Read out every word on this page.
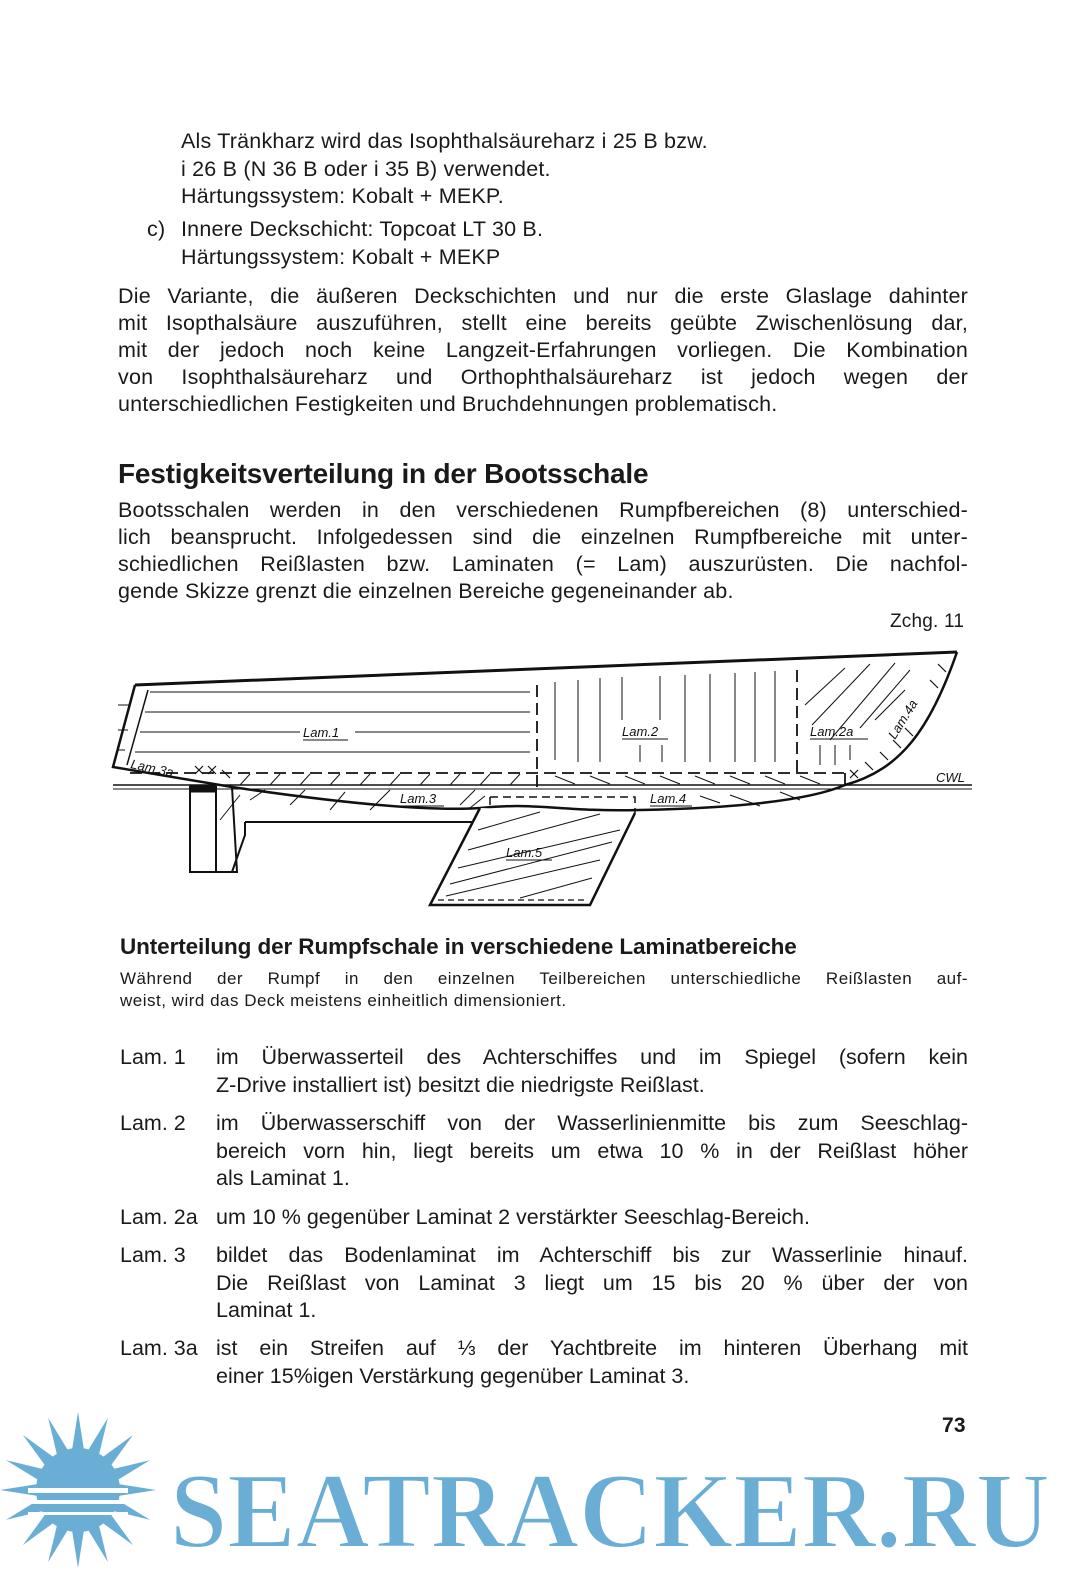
Als Tränkharz wird das Isophthalsäureharz i 25 B bzw.
i 26 B (N 36 B oder i 35 B) verwendet.
Härtungssystem: Kobalt + MEKP.
c) Innere Deckschicht: Topcoat LT 30 B.
Härtungssystem: Kobalt + MEKP
Die Variante, die äußeren Deckschichten und nur die erste Glaslage dahinter
mit Isopthalsäure auszuführen, stellt eine bereits geübte Zwischenlösung dar,
mit der jedoch noch keine Langzeit-Erfahrungen vorliegen. Die Kombination
von Isophthalsäureharz und Orthophthalsäureharz ist jedoch wegen der
unterschiedlichen Festigkeiten und Bruchdehnungen problematisch.
Festigkeitsverteilung in der Bootsschale
Bootsschalen werden in den verschiedenen Rumpfbereichen (8) unterschied-
lich beansprucht. Infolgedessen sind die einzelnen Rumpfbereiche mit unter-
schiedlichen Reißlasten bzw. Laminaten (= Lam) auszurüsten. Die nachfol-
gende Skizze grenzt die einzelnen Bereiche gegeneinander ab.
Zchg. 11
Lam.1	Lam.2	Lam.2a
Lam.3	Lam.4
Lam.5
Lam.3a
Lam.4a
CWL
Unterteilung der Rumpfschale in verschiedene Laminatbereiche
Während der Rumpf in den einzelnen Teilbereichen unterschiedliche Reißlasten auf-
weist, wird das Deck meistens einheitlich dimensioniert.
Lam. 1 im Überwasserteil des Achterschiffes und im Spiegel (sofern kein
Z-Drive installiert ist) besitzt die niedrigste Reißlast.
Lam. 2 im Überwasserschiff von der Wasserlinienmitte bis zum Seeschlag-
bereich vorn hin, liegt bereits um etwa 10 % in der Reißlast höher
als Laminat 1.
Lam. 2a um 10 % gegenüber Laminat 2 verstärkter Seeschlag-Bereich.
Lam. 3 bildet das Bodenlaminat im Achterschiff bis zur Wasserlinie hinauf.
Die Reißlast von Laminat 3 liegt um 15 bis 20 % über der von
Laminat 1.
Lam. 3a ist ein Streifen auf ⅓ der Yachtbreite im hinteren Überhang mit
einer 15%igen Verstärkung gegenüber Laminat 3.
73
SEATRACKER.RU
